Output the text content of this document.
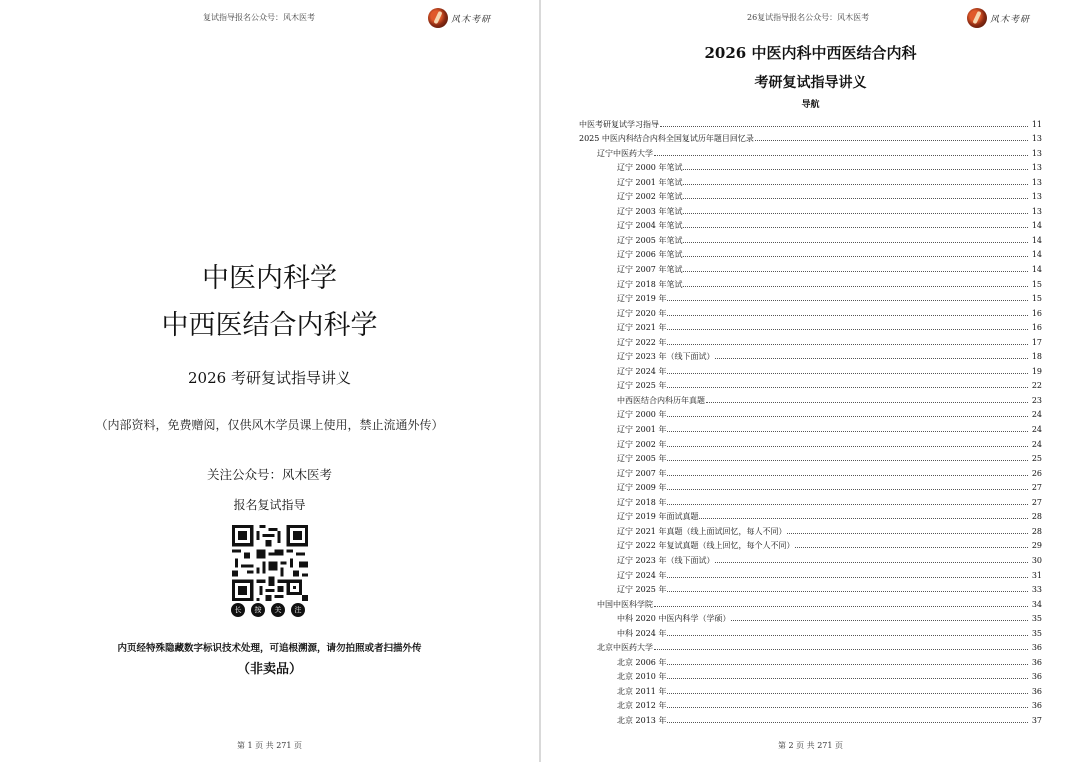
复试指导报名公众号：风木医考	风木考研
中医内科学
中西医结合内科学
2026 考研复试指导讲义
（内部资料，免费赠阅，仅供风木学员课上使用，禁止流通外传）
关注公众号：风木医考
报名复试指导
长	按	关	注
内页经特殊隐藏数字标识技术处理，可追根溯源，请勿拍照或者扫描外传
（非卖品）
第 1 页 共 271 页
26复试指导报名公众号：风木医考	风木考研
2026 中医内科中西医结合内科
考研复试指导讲义
导航
中医考研复试学习指导	11
2025 中医内科结合内科全国复试历年题目回忆录	13
辽宁中医药大学	13
辽宁 2000 年笔试	13
辽宁 2001 年笔试	13
辽宁 2002 年笔试	13
辽宁 2003 年笔试	13
辽宁 2004 年笔试	14
辽宁 2005 年笔试	14
辽宁 2006 年笔试	14
辽宁 2007 年笔试	14
辽宁 2018 年笔试	15
辽宁 2019 年	15
辽宁 2020 年	16
辽宁 2021 年	16
辽宁 2022 年	17
辽宁 2023 年（线下面试）	18
辽宁 2024 年	19
辽宁 2025 年	22
中西医结合内科历年真题	23
辽宁 2000 年	24
辽宁 2001 年	24
辽宁 2002 年	24
辽宁 2005 年	25
辽宁 2007 年	26
辽宁 2009 年	27
辽宁 2018 年	27
辽宁 2019 年面试真题	28
辽宁 2021 年真题（线上面试回忆，每人不同）	28
辽宁 2022 年复试真题（线上回忆，每个人不同）	29
辽宁 2023 年（线下面试）	30
辽宁 2024 年	31
辽宁 2025 年	33
中国中医科学院	34
中科 2020 中医内科学（学硕）	35
中科 2024 年	35
北京中医药大学	36
北京 2006 年	36
北京 2010 年	36
北京 2011 年	36
北京 2012 年	36
北京 2013 年	37
第 2 页 共 271 页
